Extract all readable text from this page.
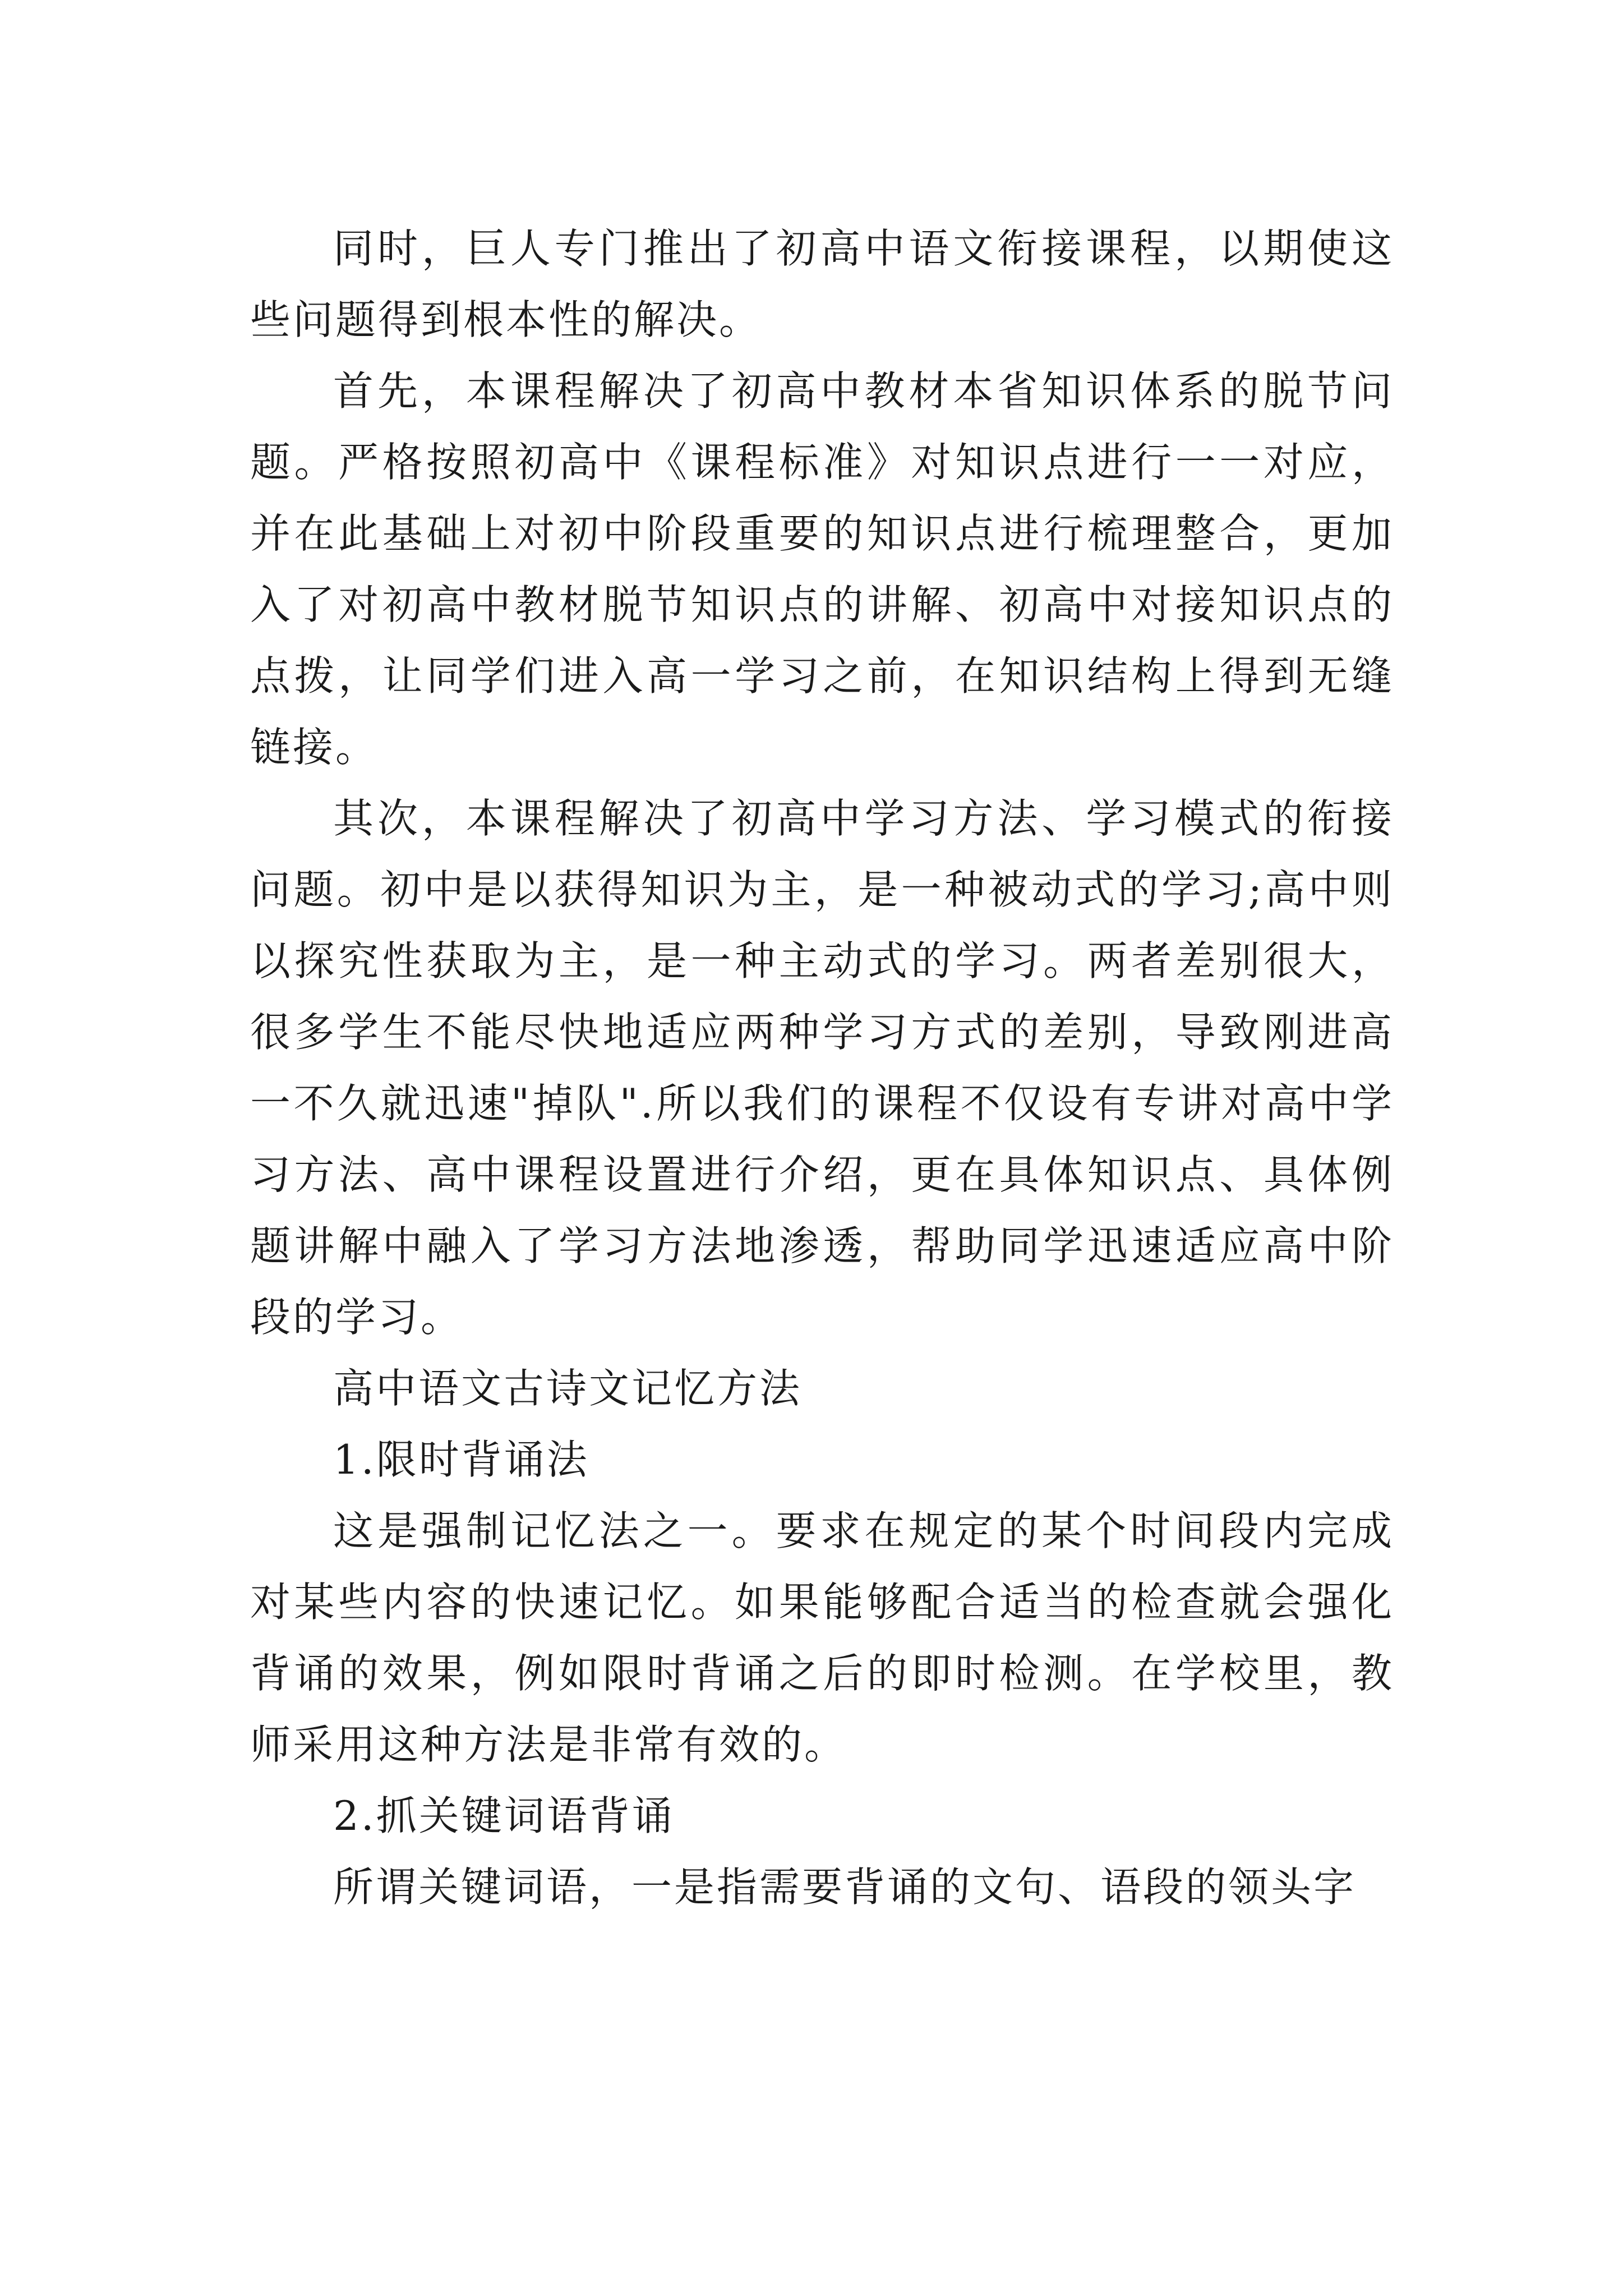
同时，巨人专门推出了初高中语文衔接课程，以期使这些问题得到根本性的解决。

首先，本课程解决了初高中教材本省知识体系的脱节问题。严格按照初高中《课程标准》对知识点进行一一对应，并在此基础上对初中阶段重要的知识点进行梳理整合，更加入了对初高中教材脱节知识点的讲解、初高中对接知识点的点拨，让同学们进入高一学习之前，在知识结构上得到无缝链接。

其次，本课程解决了初高中学习方法、学习模式的衔接问题。初中是以获得知识为主，是一种被动式的学习;高中则以探究性获取为主，是一种主动式的学习。两者差别很大，很多学生不能尽快地适应两种学习方式的差别，导致刚进高一不久就迅速"掉队".所以我们的课程不仅设有专讲对高中学习方法、高中课程设置进行介绍，更在具体知识点、具体例题讲解中融入了学习方法地渗透，帮助同学迅速适应高中阶段的学习。

高中语文古诗文记忆方法

1.限时背诵法

这是强制记忆法之一。要求在规定的某个时间段内完成对某些内容的快速记忆。如果能够配合适当的检查就会强化背诵的效果，例如限时背诵之后的即时检测。在学校里，教师采用这种方法是非常有效的。

2.抓关键词语背诵

所谓关键词语，一是指需要背诵的文句、语段的领头字
